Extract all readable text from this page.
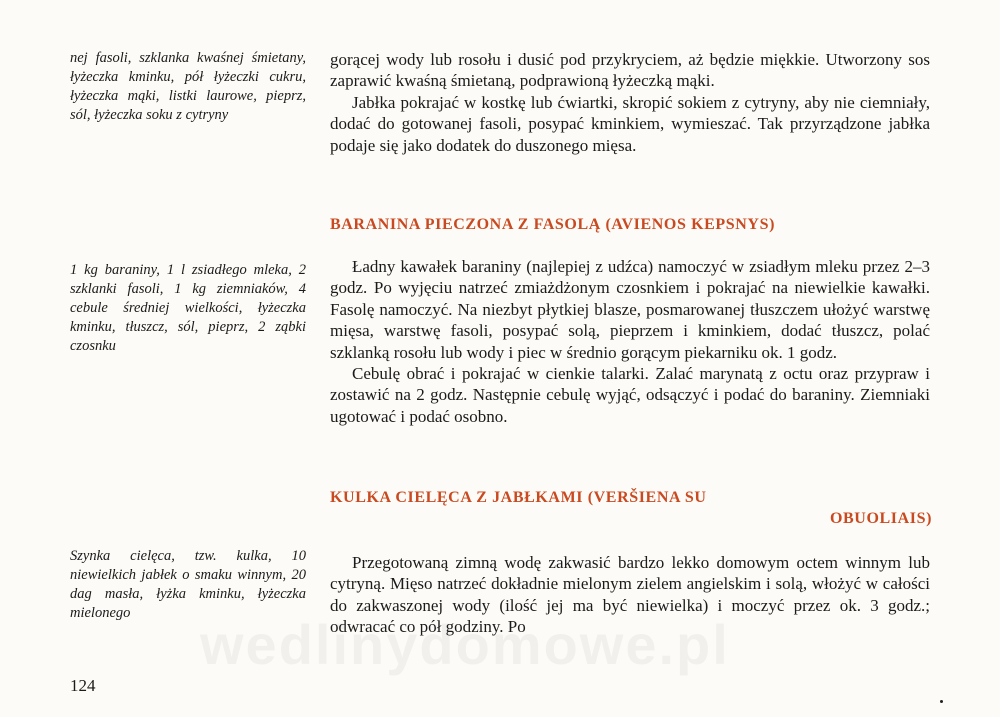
nej fasoli, szklanka kwaśnej śmietany, łyżeczka kminku, pół łyżeczki cukru, łyżeczka mąki, listki laurowe, pieprz, sól, łyżeczka soku z cytryny

gorącej wody lub rosołu i dusić pod przykryciem, aż będzie miękkie. Utworzony sos zaprawić kwaśną śmietaną, podprawioną łyżeczką mąki.

Jabłka pokrajać w kostkę lub ćwiartki, skropić sokiem z cytryny, aby nie ciemniały, dodać do gotowanej fasoli, posypać kminkiem, wymieszać. Tak przyrządzone jabłka podaje się jako dodatek do duszonego mięsa.

BARANINA PIECZONA Z FASOLĄ (AVIENOS KEPSNYS)

1 kg baraniny, 1 l zsiadłego mleka, 2 szklanki fasoli, 1 kg ziemniaków, 4 cebule średniej wielkości, łyżeczka kminku, tłuszcz, sól, pieprz, 2 ząbki czosnku

Ładny kawałek baraniny (najlepiej z udźca) namoczyć w zsiadłym mleku przez 2–3 godz. Po wyjęciu natrzeć zmiażdżonym czosnkiem i pokrajać na niewielkie kawałki. Fasolę namoczyć. Na niezbyt płytkiej blasze, posmarowanej tłuszczem ułożyć warstwę mięsa, warstwę fasoli, posypać solą, pieprzem i kminkiem, dodać tłuszcz, polać szklanką rosołu lub wody i piec w średnio gorącym piekarniku ok. 1 godz.

Cebulę obrać i pokrajać w cienkie talarki. Zalać marynatą z octu oraz przypraw i zostawić na 2 godz. Następnie cebulę wyjąć, odsączyć i podać do baraniny. Ziemniaki ugotować i podać osobno.

KULKA CIELĘCA Z JABŁKAMI (VERŠIENA SU
OBUOLIAIS)

Szynka cielęca, tzw. kulka, 10 niewielkich jabłek o smaku winnym, 20 dag masła, łyżka kminku, łyżeczka mielonego

Przegotowaną zimną wodę zakwasić bardzo lekko domowym octem winnym lub cytryną. Mięso natrzeć dokładnie mielonym zielem angielskim i solą, włożyć w całości do zakwaszonej wody (ilość jej ma być niewielka) i moczyć przez ok. 3 godz.; odwracać co pół godziny. Po

124
